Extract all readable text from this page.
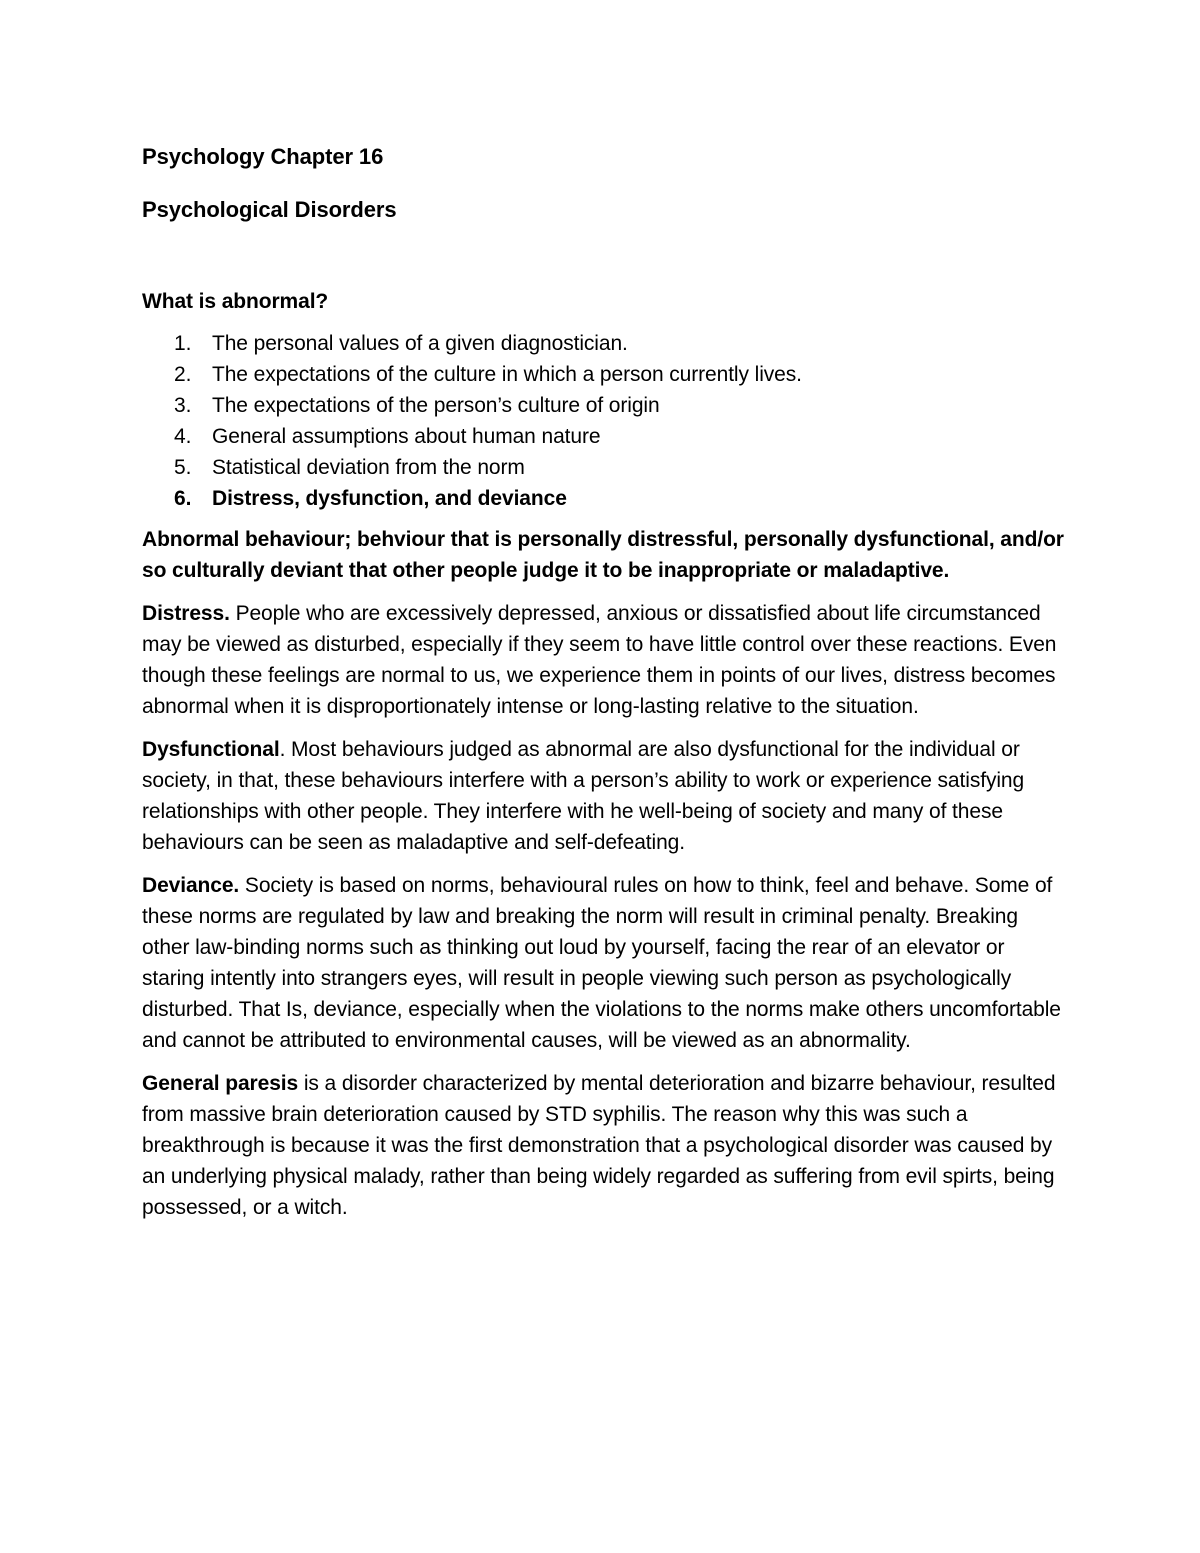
Psychology Chapter 16
Psychological Disorders
What is abnormal?
1. The personal values of a given diagnostician.
2. The expectations of the culture in which a person currently lives.
3. The expectations of the person’s culture of origin
4. General assumptions about human nature
5. Statistical deviation from the norm
6. Distress, dysfunction, and deviance

Abnormal behaviour; behviour that is personally distressful, personally dysfunctional, and/or so culturally deviant that other people judge it to be inappropriate or maladaptive.

Distress. People who are excessively depressed, anxious or dissatisfied about life circumstanced may be viewed as disturbed, especially if they seem to have little control over these reactions. Even though these feelings are normal to us, we experience them in points of our lives, distress becomes abnormal when it is disproportionately intense or long-lasting relative to the situation.

Dysfunctional. Most behaviours judged as abnormal are also dysfunctional for the individual or society, in that, these behaviours interfere with a person’s ability to work or experience satisfying relationships with other people. They interfere with he well-being of society and many of these behaviours can be seen as maladaptive and self-defeating.

Deviance. Society is based on norms, behavioural rules on how to think, feel and behave. Some of these norms are regulated by law and breaking the norm will result in criminal penalty. Breaking other law-binding norms such as thinking out loud by yourself, facing the rear of an elevator or staring intently into strangers eyes, will result in people viewing such person as psychologically disturbed. That Is, deviance, especially when the violations to the norms make others uncomfortable and cannot be attributed to environmental causes, will be viewed as an abnormality.

General paresis is a disorder characterized by mental deterioration and bizarre behaviour, resulted from massive brain deterioration caused by STD syphilis. The reason why this was such a breakthrough is because it was the first demonstration that a psychological disorder was caused by an underlying physical malady, rather than being widely regarded as suffering from evil spirts, being possessed, or a witch.
